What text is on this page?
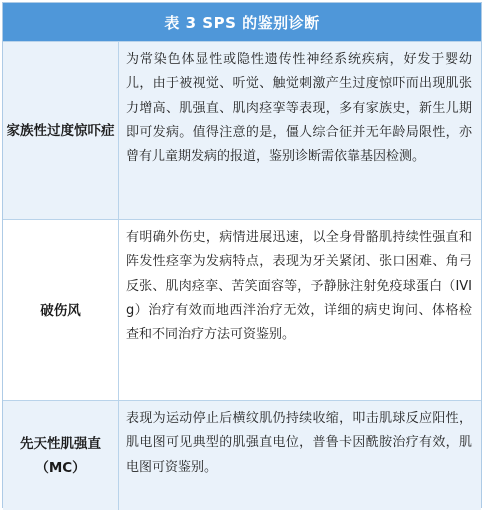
表 3 SPS 的鉴别诊断
家族性过度惊吓症
为常染色体显性或隐性遗传性神经系统疾病，好发于婴幼儿，由于被视觉、听觉、触觉刺激产生过度惊吓而出现肌张力增高、肌强直、肌肉痉挛等表现，多有家族史，新生儿期即可发病。值得注意的是，僵人综合征并无年龄局限性，亦曾有儿童期发病的报道，鉴别诊断需依靠基因检测。
破伤风
有明确外伤史，病情进展迅速，以全身骨骼肌持续性强直和阵发性痉挛为发病特点，表现为牙关紧闭、张口困难、角弓反张、肌肉痉挛、苦笑面容等，予静脉注射免疫球蛋白（IVIg）治疗有效而地西泮治疗无效，详细的病史询问、体格检查和不同治疗方法可资鉴别。
先天性肌强直
（MC）
表现为运动停止后横纹肌仍持续收缩，叩击肌球反应阳性，肌电图可见典型的肌强直电位，普鲁卡因酰胺治疗有效，肌电图可资鉴别。
